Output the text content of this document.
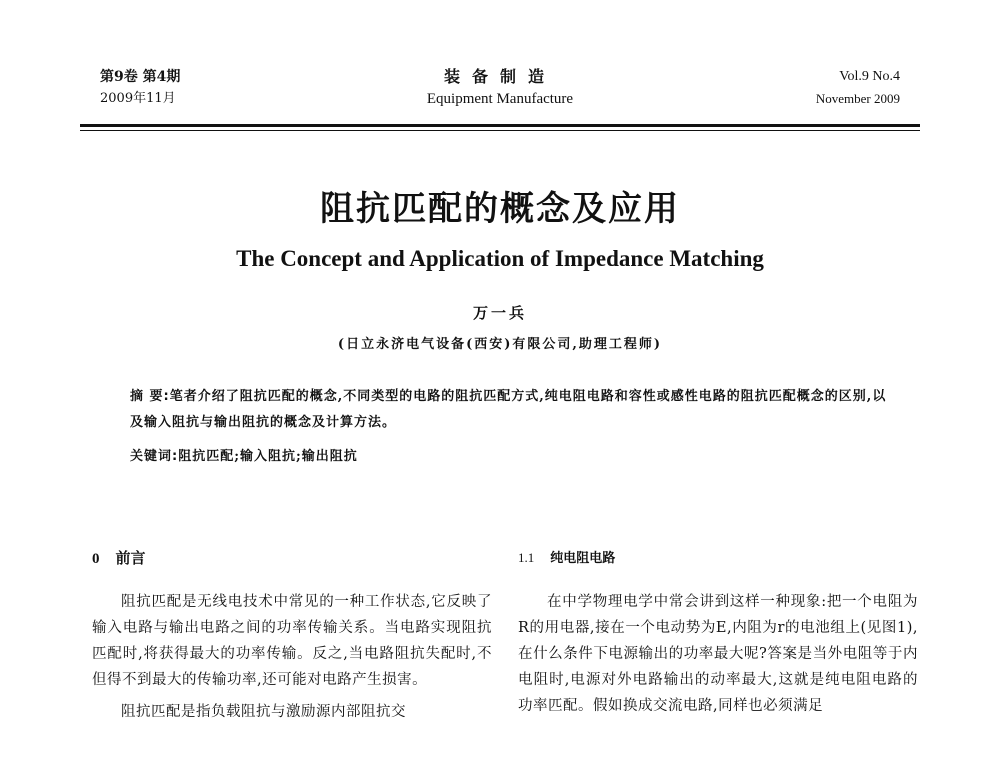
第9卷 第4期
2009年11月
装备制造
Equipment Manufacture
Vol.9 No.4
November 2009
阻抗匹配的概念及应用
The Concept and Application of Impedance Matching
万一兵
(日立永济电气设备(西安)有限公司,助理工程师)
摘 要:笔者介绍了阻抗匹配的概念,不同类型的电路的阻抗匹配方式,纯电阻电路和容性或感性电路的阻抗匹配概念的区别,以及输入阻抗与输出阻抗的概念及计算方法。
关键词:阻抗匹配;输入阻抗;输出阻抗
0 前言

阻抗匹配是无线电技术中常见的一种工作状态,它反映了输入电路与输出电路之间的功率传输关系。当电路实现阻抗匹配时,将获得最大的功率传输。反之,当电路阻抗失配时,不但得不到最大的传输功率,还可能对电路产生损害。

阻抗匹配是指负载阻抗与激励源内部阻抗交

1.1 纯电阻电路

在中学物理电学中常会讲到这样一种现象:把一个电阻为R的用电器,接在一个电动势为E,内阻为r的电池组上(见图1),在什么条件下电源输出的功率最大呢?答案是当外电阻等于内电阻时,电源对外电路输出的动率最大,这就是纯电阻电路的功率匹配。假如换成交流电路,同样也必须满足
